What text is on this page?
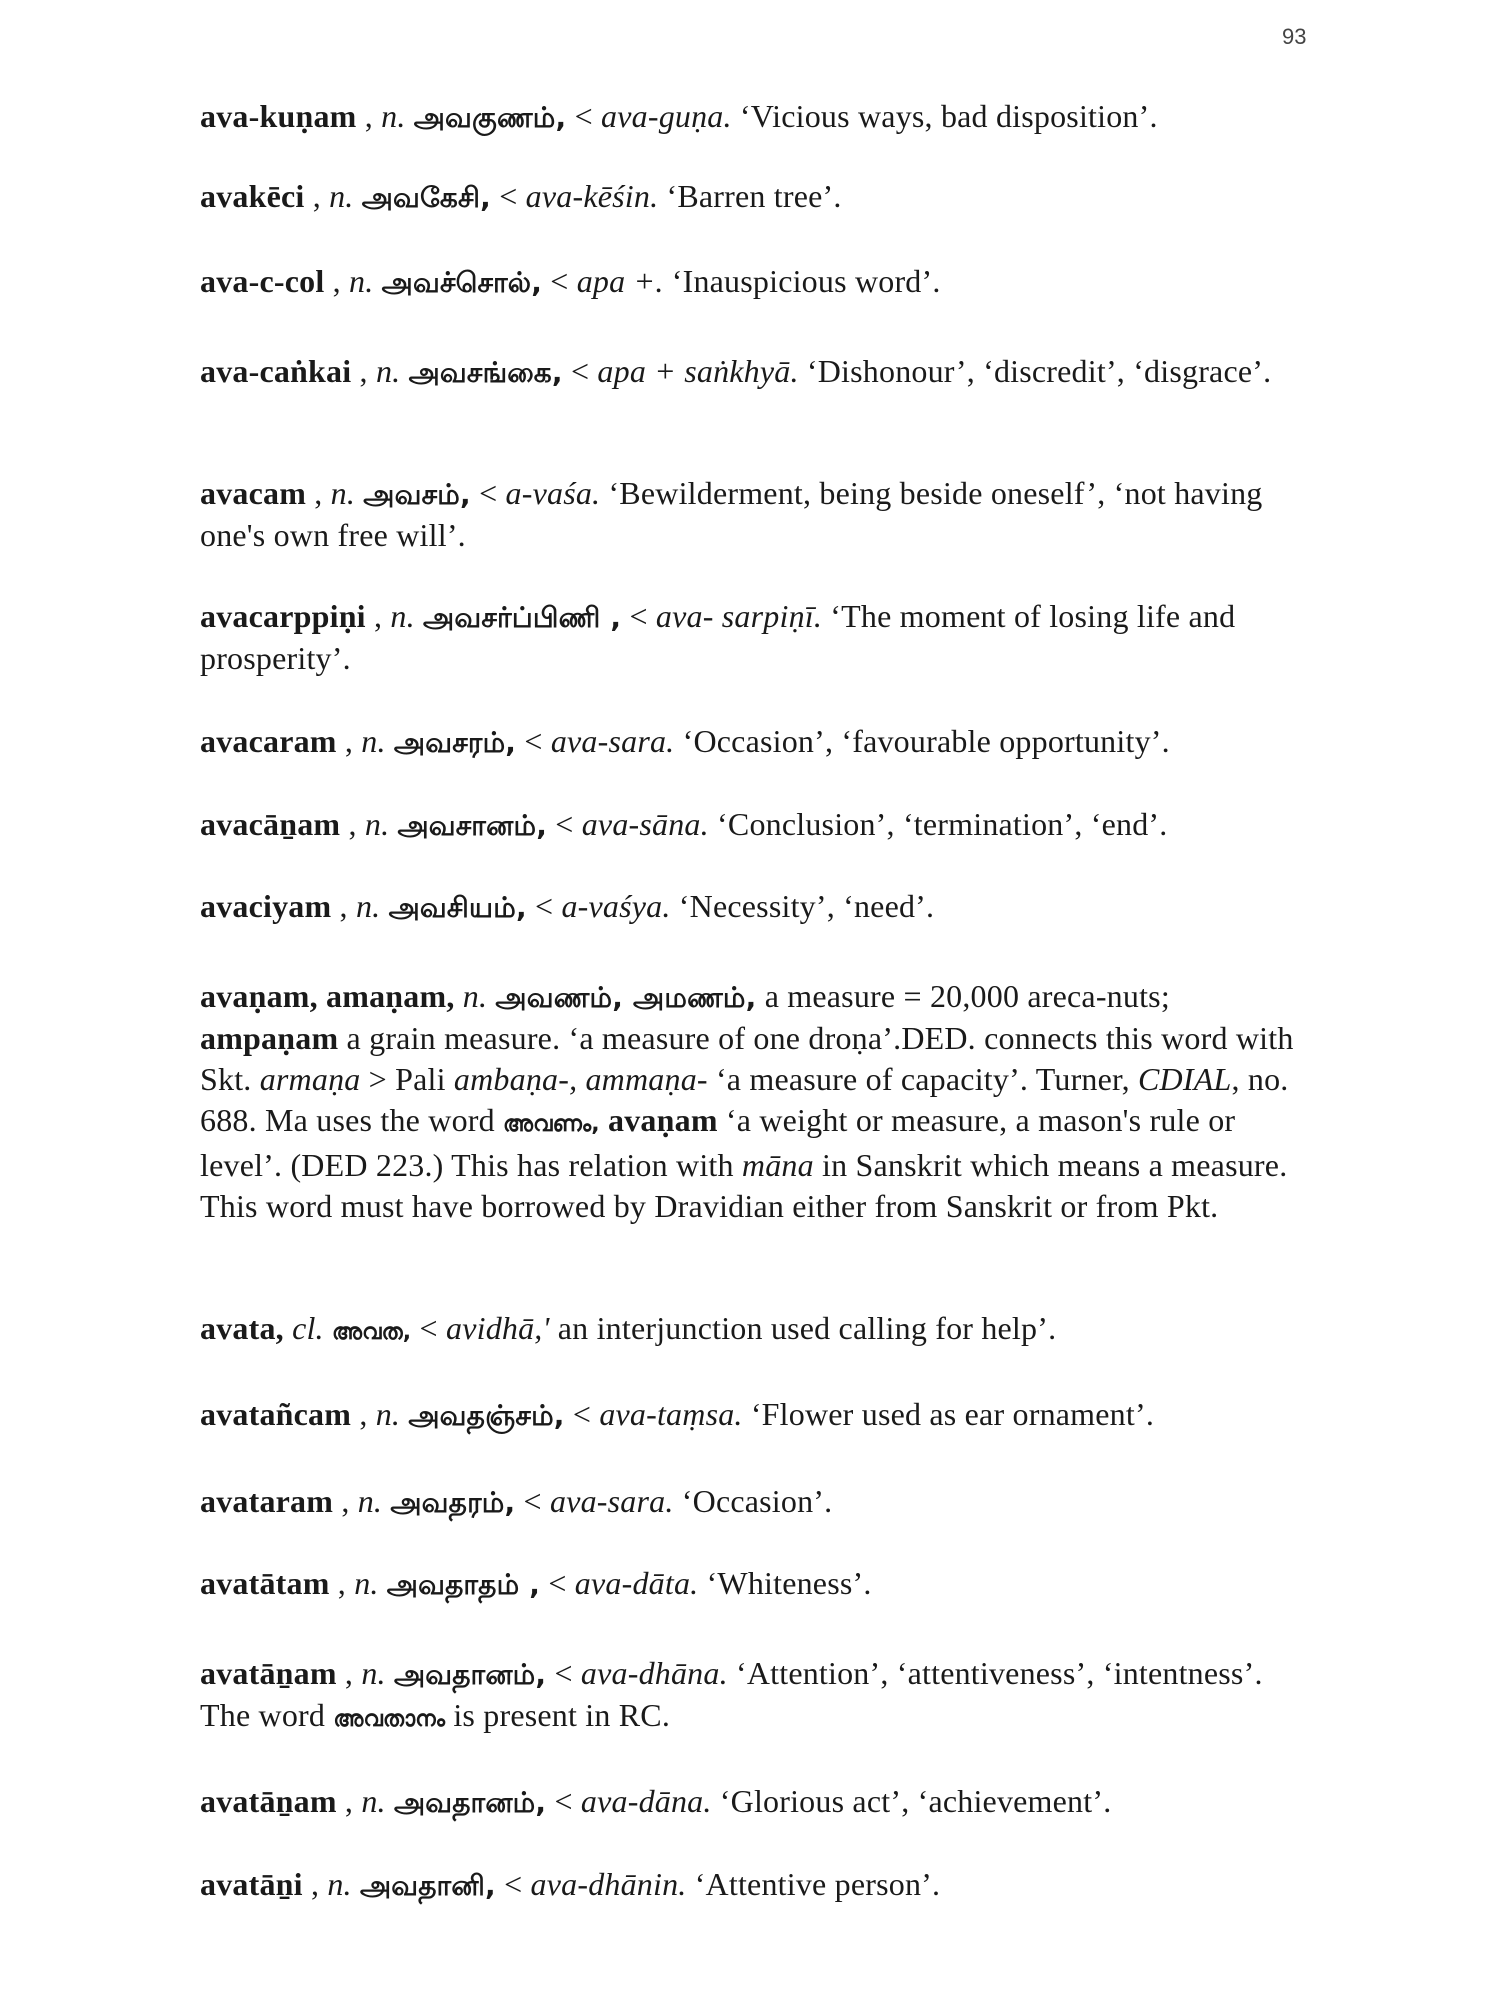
93
ava-kuṇam , n. அவகுணம், < ava-guṇa. ‘Vicious ways, bad disposition’.
avakēci , n. அவகேசி, < ava-kēśin. ‘Barren tree’.
ava-c-col , n. அவச்சொல், < apa +. ‘Inauspicious word’.
ava-caṅkai , n. அவசங்கை, < apa + saṅkhyā. ‘Dishonour’, ‘discredit’, ‘disgrace’.
avacam , n. அவசம், < a-vaśa. ‘Bewilderment, being beside oneself’, ‘not having one's own free will’.
avacarppiṇi , n. அவசர்ப்பிணி , < ava- sarpiṇī. ‘The moment of losing life and prosperity’.
avacaram , n. அவசரம், < ava-sara. ‘Occasion’, ‘favourable opportunity’.
avacāṉam , n. அவசானம், < ava-sāna. ‘Conclusion’, ‘termination’, ‘end’.
avaciyam , n. அவசியம், < a-vaśya. ‘Necessity’, ‘need’.
avaṇam, amaṇam, n. அவணம், அமணம், a measure = 20,000 areca-nuts; ampaṇam a grain measure. ‘a measure of one droṇa’.DED. connects this word with Skt. armaṇa > Pali ambaṇa-, ammaṇa- ‘a measure of capacity’. Turner, CDIAL, no. 688. Ma uses the word അവണം, avaṇam ‘a weight or measure, a mason's rule or level’. (DED 223.) This has relation with māna in Sanskrit which means a measure. This word must have borrowed by Dravidian either from Sanskrit or from Pkt.
avata, cl. അവത, < avidhā,' an interjunction used calling for help’.
avatañcam , n. அவதஞ்சம், < ava-taṃsa. ‘Flower used as ear ornament’.
avataram , n. அவதரம், < ava-sara. ‘Occasion’.
avatātam , n. அவதாதம் , < ava-dāta. ‘Whiteness’.
avatāṉam , n. அவதானம், < ava-dhāna. ‘Attention’, ‘attentiveness’, ‘intentness’. The word അവതാനം is present in RC.
avatāṉam , n. அவதானம், < ava-dāna. ‘Glorious act’, ‘achievement’.
avatāṉi , n. அவதானி, < ava-dhānin. ‘Attentive person’.
